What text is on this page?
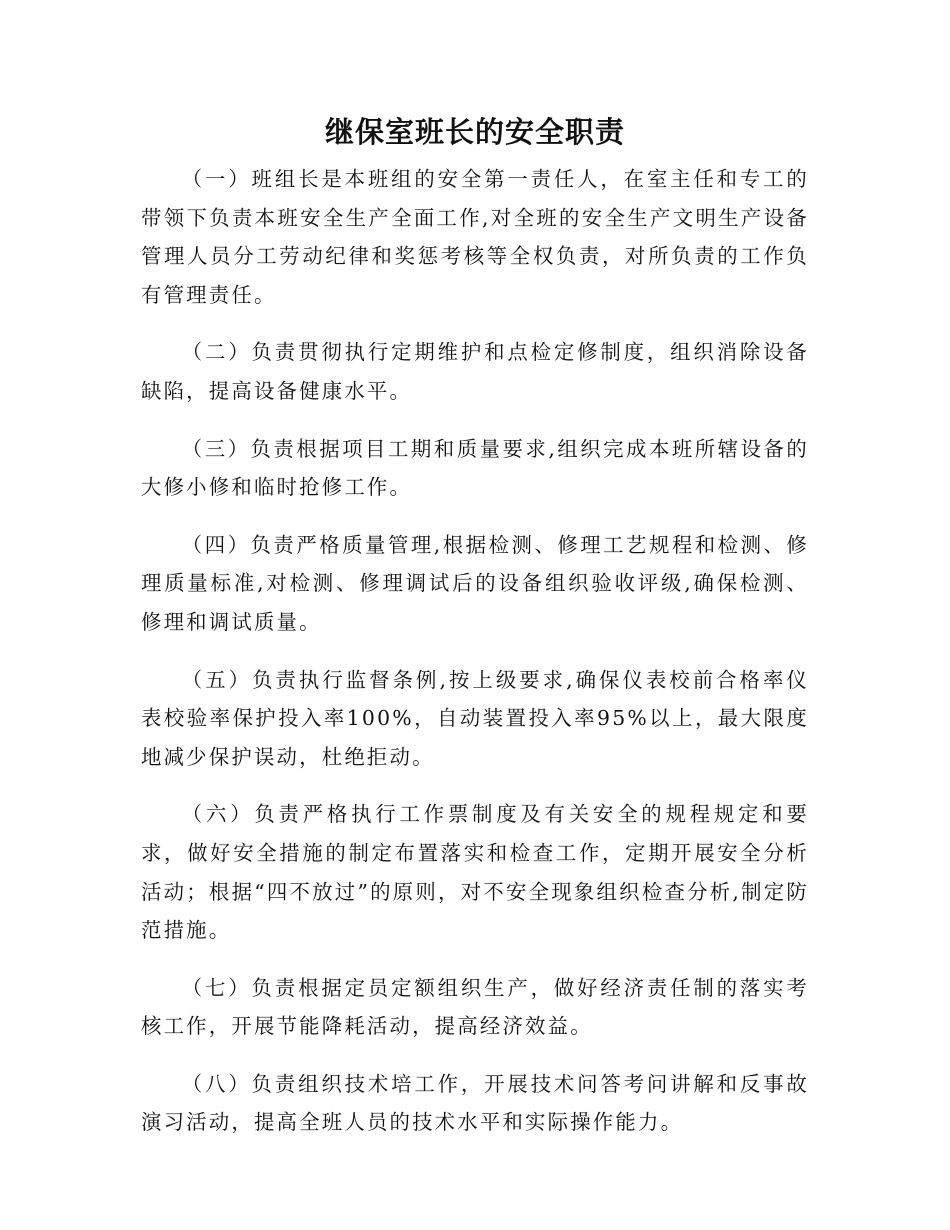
继保室班长的安全职责

（一）班组长是本班组的安全第一责任人，在室主任和专工的带领下负责本班安全生产全面工作,对全班的安全生产文明生产设备管理人员分工劳动纪律和奖惩考核等全权负责，对所负责的工作负有管理责任。

（二）负责贯彻执行定期维护和点检定修制度，组织消除设备缺陷，提高设备健康水平。

（三）负责根据项目工期和质量要求,组织完成本班所辖设备的大修小修和临时抢修工作。

（四）负责严格质量管理,根据检测、修理工艺规程和检测、修理质量标准,对检测、修理调试后的设备组织验收评级,确保检测、修理和调试质量。

（五）负责执行监督条例,按上级要求,确保仪表校前合格率仪表校验率保护投入率100%，自动装置投入率95%以上，最大限度地减少保护误动，杜绝拒动。

（六）负责严格执行工作票制度及有关安全的规程规定和要求，做好安全措施的制定布置落实和检查工作，定期开展安全分析活动；根据“四不放过”的原则，对不安全现象组织检查分析,制定防范措施。

（七）负责根据定员定额组织生产，做好经济责任制的落实考核工作，开展节能降耗活动，提高经济效益。

（八）负责组织技术培工作，开展技术问答考问讲解和反事故演习活动，提高全班人员的技术水平和实际操作能力。
